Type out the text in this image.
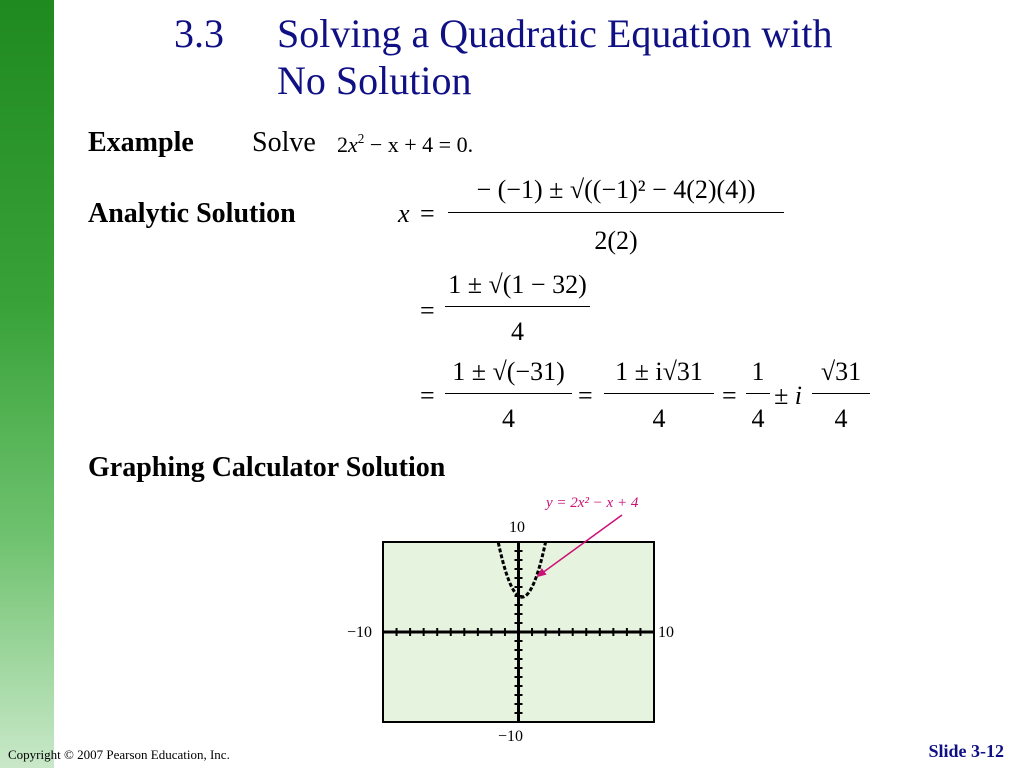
3.3 Solving a Quadratic Equation with
No Solution
Example Solve $2x^2 - x + 4 = 0$.
Analytic Solution	x =
− (−1) ± √((−1)² − 4(2)(4))
2(2)
=
1 ± √(1 − 32)
4
=
1 ± √(−31)
4
=
1 ± i√31
4
=
1
4
± i
√31
4
Graphing Calculator Solution
y = 2x² − x + 4
10
−10
−10	10
Copyright © 2007 Pearson Education, Inc.	Slide 3-12
